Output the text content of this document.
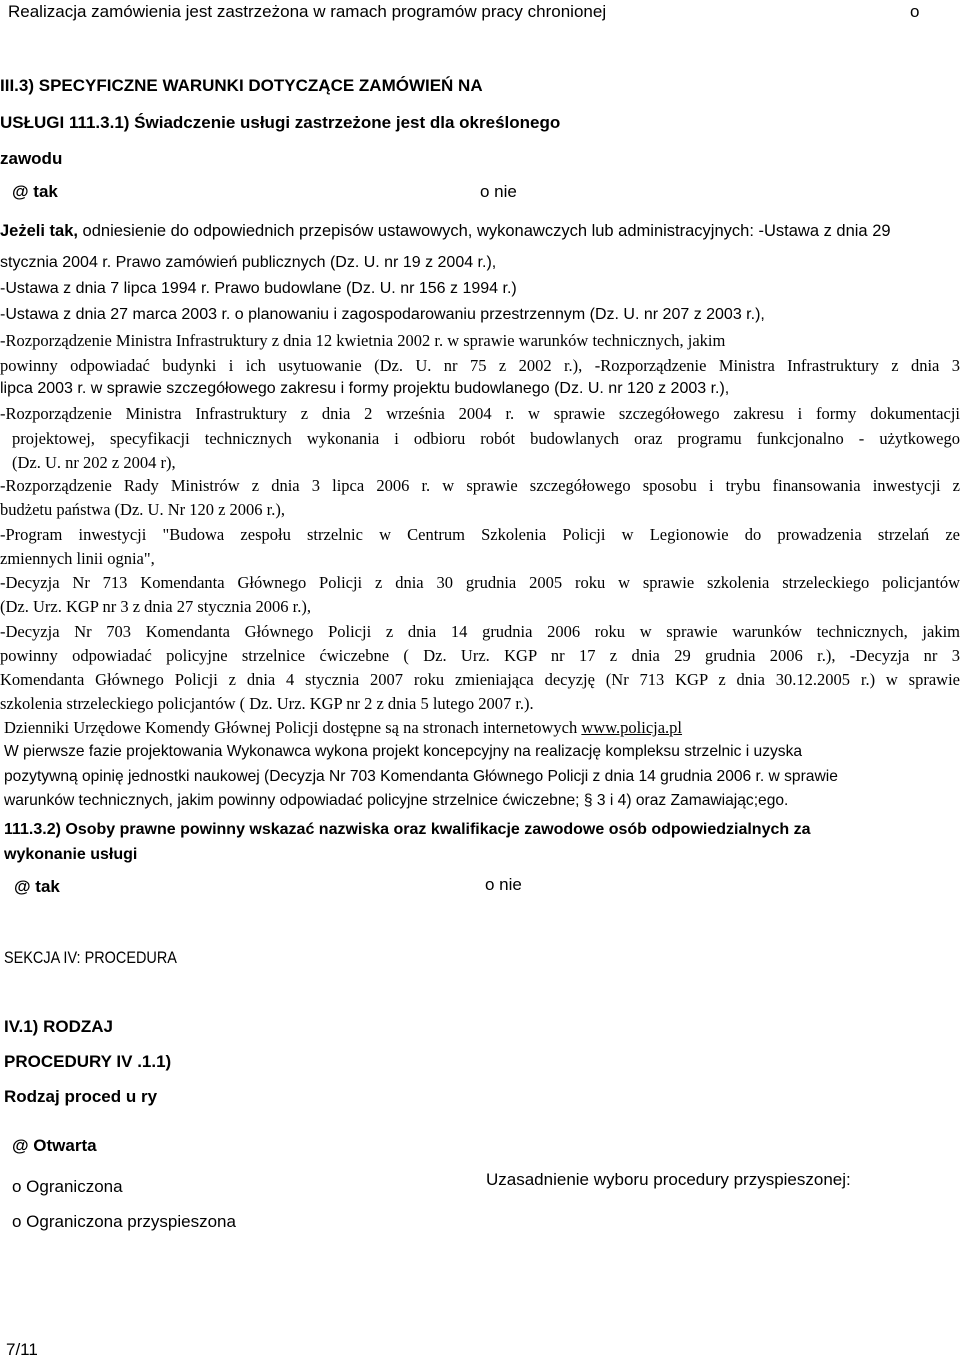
Realizacja zamówienia jest zastrzeżona w ramach programów pracy chronionej	o
III.3) SPECYFICZNE WARUNKI DOTYCZĄCE ZAMÓWIEŃ NA
USŁUGI 111.3.1) Świadczenie usługi zastrzeżone jest dla określonego
zawodu
@ tak	o nie
Jeżeli tak, odniesienie do odpowiednich przepisów ustawowych, wykonawczych lub administracyjnych: -Ustawa z dnia 29
stycznia 2004 r. Prawo zamówień publicznych (Dz. U. nr 19 z 2004 r.),
-Ustawa z dnia 7 lipca 1994 r. Prawo budowlane (Dz. U. nr 156 z 1994 r.)
-Ustawa z dnia 27 marca 2003 r. o planowaniu i zagospodarowaniu przestrzennym (Dz. U. nr 207 z 2003 r.),
-Rozporządzenie Ministra Infrastruktury z dnia 12 kwietnia 2002 r. w sprawie warunków technicznych, jakim
powinny odpowiadać budynki i ich usytuowanie (Dz. U. nr 75 z 2002 r.), -Rozporządzenie Ministra Infrastruktury z dnia 3
lipca 2003 r. w sprawie szczegółowego zakresu i formy projektu budowlanego (Dz. U. nr 120 z 2003 r.),
-Rozporządzenie Ministra Infrastruktury z dnia 2 września 2004 r. w sprawie szczegółowego zakresu i formy dokumentacji
projektowej, specyfikacji technicznych wykonania i odbioru robót budowlanych oraz programu funkcjonalno - użytkowego
(Dz. U. nr 202 z 2004 r),
-Rozporządzenie Rady Ministrów z dnia 3 lipca 2006 r. w sprawie szczegółowego sposobu i trybu finansowania inwestycji z
budżetu państwa (Dz. U. Nr 120 z 2006 r.),
-Program inwestycji "Budowa zespołu strzelnic w Centrum Szkolenia Policji w Legionowie do prowadzenia strzelań ze
zmiennych linii ognia",
-Decyzja Nr 713 Komendanta Głównego Policji z dnia 30 grudnia 2005 roku w sprawie szkolenia strzeleckiego policjantów
(Dz. Urz. KGP nr 3 z dnia 27 stycznia 2006 r.),
-Decyzja Nr 703 Komendanta Głównego Policji z dnia 14 grudnia 2006 roku w sprawie warunków technicznych, jakim
powinny odpowiadać policyjne strzelnice ćwiczebne ( Dz. Urz. KGP nr 17 z dnia 29 grudnia 2006 r.), -Decyzja nr 3
Komendanta Głównego Policji z dnia 4 stycznia 2007 roku zmieniająca decyzję (Nr 713 KGP z dnia 30.12.2005 r.) w sprawie
szkolenia strzeleckiego policjantów ( Dz. Urz. KGP nr 2 z dnia 5 lutego 2007 r.).
Dzienniki Urzędowe Komendy Głównej Policji dostępne są na stronach internetowych www.policja.pl
W pierwsze fazie projektowania Wykonawca wykona projekt koncepcyjny na realizację kompleksu strzelnic i uzyska
pozytywną opinię jednostki naukowej (Decyzja Nr 703 Komendanta Głównego Policji z dnia 14 grudnia 2006 r. w sprawie
warunków technicznych, jakim powinny odpowiadać policyjne strzelnice ćwiczebne; § 3 i 4) oraz Zamawiając;ego.
111.3.2) Osoby prawne powinny wskazać nazwiska oraz kwalifikacje zawodowe osób odpowiedzialnych za
wykonanie usługi
@ tak	o nie
SEKCJA IV: PROCEDURA
IV.1) RODZAJ
PROCEDURY IV .1.1)
Rodzaj proced u ry
@ Otwarta
o Ograniczona	Uzasadnienie wyboru procedury przyspieszonej:
o Ograniczona przyspieszona
7/11
